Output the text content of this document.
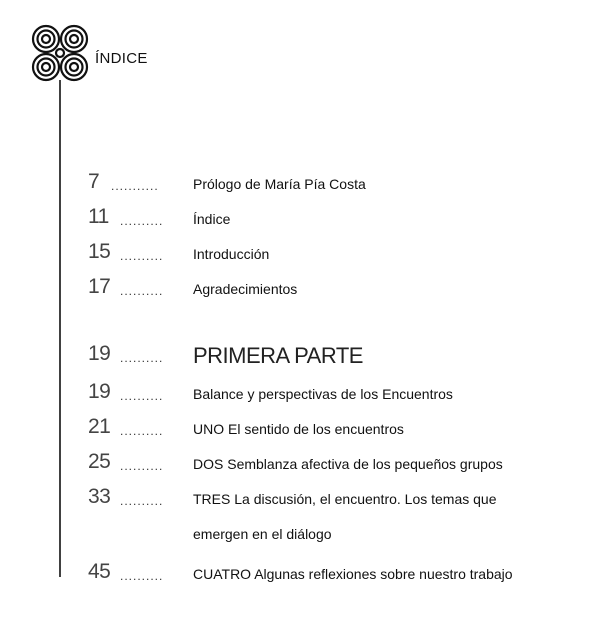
ÍNDICE
7 ...........	Prólogo de María Pía Costa
11 ..........	Índice
15 ..........	Introducción
17 ..........	Agradecimientos
19 ..........	PRIMERA PARTE
19 ..........	Balance y perspectivas de los Encuentros
21 ..........	UNO El sentido de los encuentros
25 ..........	DOS Semblanza afectiva de los pequeños grupos
33 ..........	TRES La discusión, el encuentro. Los temas que
emergen en el diálogo
45 ..........	CUATRO Algunas reflexiones sobre nuestro trabajo
